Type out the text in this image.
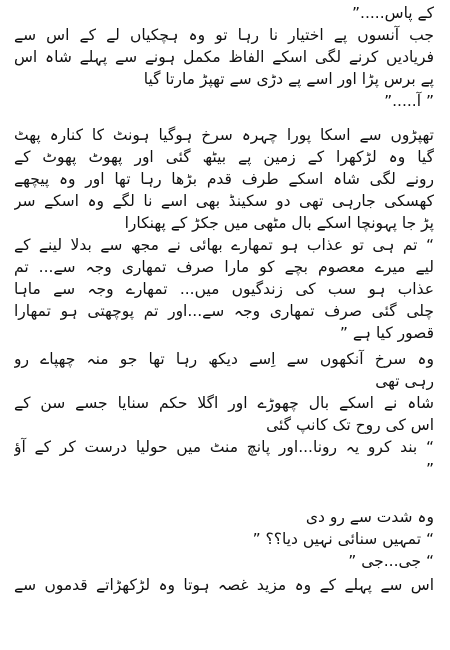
کے پاس.....”
جب آنسوں پے اختیار نا رہا تو وہ ہچکیاں لے کے اس سے
فریادیں کرنے لگی اسکے الفاظ مکمل ہونے سے پہلے شاہ اس
پے برس پڑا اور اسے پے دڑی سے تھپڑ مارتا گیا
” آ.....”
تھپڑوں سے اسکا پورا چہرہ سرخ ہوگیا ہونٹ کا کنارہ پھٹ
گیا وہ لڑکھرا کے زمین پے بیٹھ گئی اور پھوٹ پھوٹ کے
رونے لگی شاہ اسکے طرف قدم بڑھا رہا تھا اور وہ پیچھے
کھسکی جارہی تھی دو سکینڈ بھی اسے نا لگے وہ اسکے سر
پڑ جا پہونچا اسکے بال مٹھی میں جکڑ کے پھنکارا
“ تم ہی تو عذاب ہو تمھارے بھائی نے مجھ سے بدلا لینے کے
لیے میرے معصوم بچے کو مارا صرف تمھاری وجہ سے... تم
عذاب ہو سب کی زندگیوں میں... تمھارے وجہ سے ماہا
چلی گئی صرف تمھاری وجہ سے...اور تم پوچھتی ہو تمھارا
قصور کیا ہے ”
وہ سرخ آنکھوں سے اِسے دیکھ رہا تھا جو منہ چھپاے رو
رہی تھی
شاہ نے اسکے بال چھوڑے اور اگلا حکم سنایا جسے سن کے
اس کی روح تک کانپ گئی
“ بند کرو یہ رونا...اور پانچ منٹ میں حولیا درست کر کے آؤ
”
وہ شدت سے رو دی
“ تمہیں سنائی نہیں دیا؟؟ ”
“ جی...جی ”
اس سے پہلے کے وہ مزید غصہ ہوتا وہ لڑکھڑاتے قدموں سے
